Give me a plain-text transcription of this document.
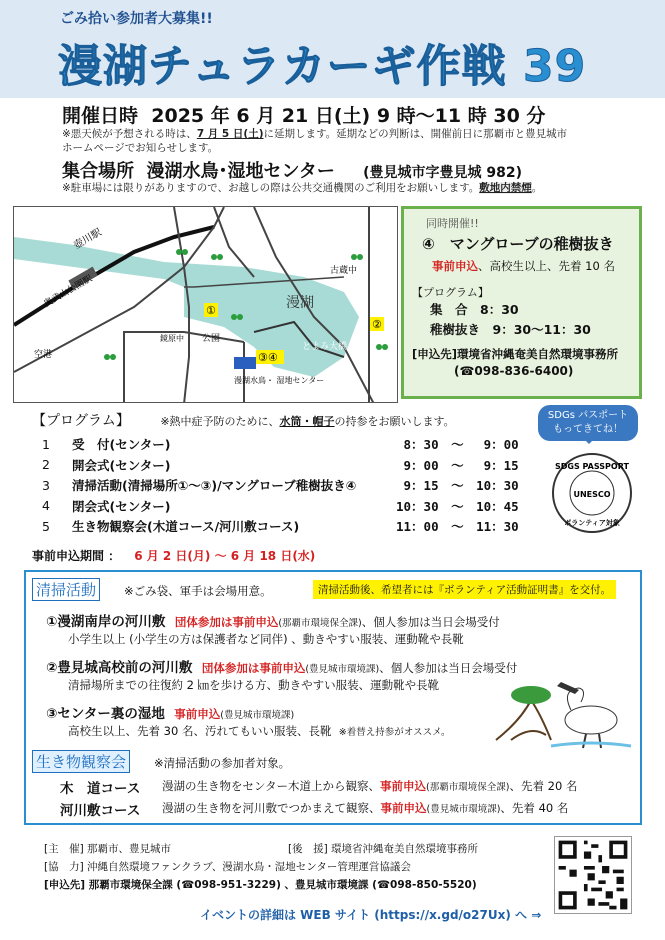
ごみ拾い参加者大募集!!
漫湖チュラカーギ作戦 39
開催日時 2025 年 6 月 21 日(土) 9 時〜11 時 30 分
※悪天候が予想される時は、7 月 5 日(土)に延期します。延期などの判断は、開催前日に那覇市と豊見城市
ホームページでお知らせします。
集合場所 漫湖水鳥･湿地センター (豊見城市字豊見城 982)
※駐車場には限りがありますので、お越しの際は公共交通機関のご利用をお願いします。敷地内禁煙。
①
②
③④
壺川駅
奥武山公園駅
古蔵中
漫湖
とよみ大橋
公園
鏡原中
漫湖水鳥・ 湿地センター
空港
同時開催!!
④　マングローブの稚樹抜き
事前申込、高校生以上、先着 10 名
【プログラム】
集　合　8：30
稚樹抜き　9：30〜11：30
[申込先]環境省沖縄奄美自然環境事務所
(☎098-836-6400)
【プログラム】	※熱中症予防のために、水筒・帽子の持参をお願いします。
1	受　付(センター)	8：30　〜　 9：00
2	開会式(センター)	9：00　〜　 9：15
3	清掃活動(清掃場所①〜③)/マングローブ稚樹抜き④	9：15　〜　10：30
4	閉会式(センター)	10：30　〜　10：45
5	生き物観察会(木道コース/河川敷コース)	11：00　〜　11：30
SDGs パスポート
もってきてね！
SDGS PASSPORT
UNESCO
ボランティア対象
事前申込期間 ： 6 月 2 日(月) 〜 6 月 18 日(水)
清掃活動	※ごみ袋、軍手は会場用意。	清掃活動後、希望者には『ボランティア活動証明書』を交付。
①漫湖南岸の河川敷 団体参加は事前申込(那覇市環境保全課)、個人参加は当日会場受付
小学生以上 (小学生の方は保護者など同伴) 、動きやすい服装、運動靴や長靴
②豊見城高校前の河川敷 団体参加は事前申込(豊見城市環境課)、個人参加は当日会場受付
清掃場所までの往復約 2 ㎞を歩ける方、動きやすい服装、運動靴や長靴
③センター裏の湿地 事前申込(豊見城市環境課)
高校生以上、先着 30 名、汚れてもいい服装、長靴 ※着替え持参がオススメ。
生き物観察会	※清掃活動の参加者対象。
木　道コース 漫湖の生き物をセンター木道上から観察、事前申込(那覇市環境保全課)、先着 20 名
河川敷コース 漫湖の生き物を河川敷でつかまえて観察、事前申込(豊見城市環境課)、先着 40 名
[主　催] 那覇市、豊見城市	[後　援] 環境省沖縄奄美自然環境事務所
[協　力] 沖縄自然環境ファンクラブ、漫湖水鳥・湿地センター管理運営協議会
[申込先] 那覇市環境保全課 (☎098-951-3229) 、豊見城市環境課 (☎098-850-5520)
イベントの詳細は WEB サイト (https://x.gd/o27Ux) へ ⇒
